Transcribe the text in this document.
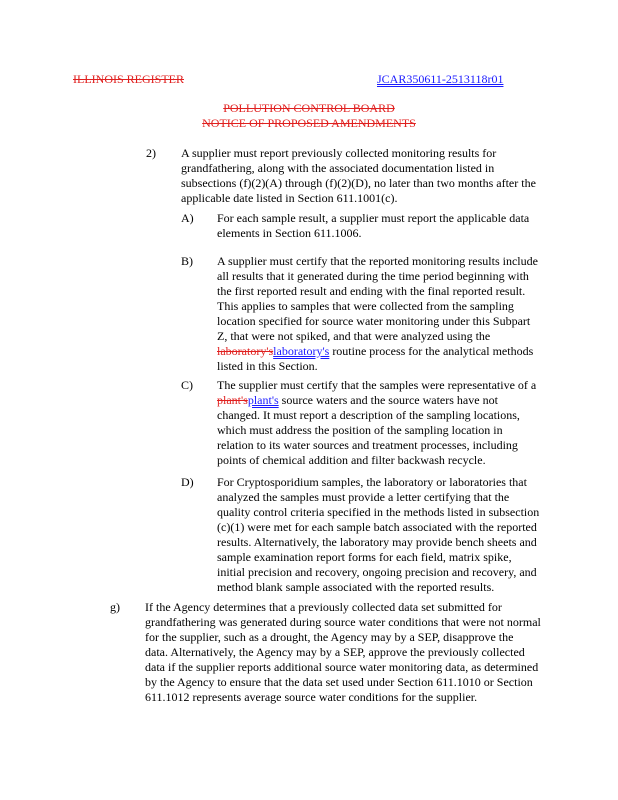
ILLINOIS REGISTER	JCAR350611-2513118r01
POLLUTION CONTROL BOARD
NOTICE OF PROPOSED AMENDMENTS
2) A supplier must report previously collected monitoring results for
grandfathering, along with the associated documentation listed in
subsections (f)(2)(A) through (f)(2)(D), no later than two months after the
applicable date listed in Section 611.1001(c).
A) For each sample result, a supplier must report the applicable data
elements in Section 611.1006.
B) A supplier must certify that the reported monitoring results include
all results that it generated during the time period beginning with
the first reported result and ending with the final reported result.
This applies to samples that were collected from the sampling
location specified for source water monitoring under this Subpart
Z, that were not spiked, and that were analyzed using the
laboratory'slaboratory's routine process for the analytical methods
listed in this Section.
C) The supplier must certify that the samples were representative of a
plant'splant's source waters and the source waters have not
changed. It must report a description of the sampling locations,
which must address the position of the sampling location in
relation to its water sources and treatment processes, including
points of chemical addition and filter backwash recycle.
D) For Cryptosporidium samples, the laboratory or laboratories that
analyzed the samples must provide a letter certifying that the
quality control criteria specified in the methods listed in subsection
(c)(1) were met for each sample batch associated with the reported
results. Alternatively, the laboratory may provide bench sheets and
sample examination report forms for each field, matrix spike,
initial precision and recovery, ongoing precision and recovery, and
method blank sample associated with the reported results.
g) If the Agency determines that a previously collected data set submitted for
grandfathering was generated during source water conditions that were not normal
for the supplier, such as a drought, the Agency may by a SEP, disapprove the
data. Alternatively, the Agency may by a SEP, approve the previously collected
data if the supplier reports additional source water monitoring data, as determined
by the Agency to ensure that the data set used under Section 611.1010 or Section
611.1012 represents average source water conditions for the supplier.
